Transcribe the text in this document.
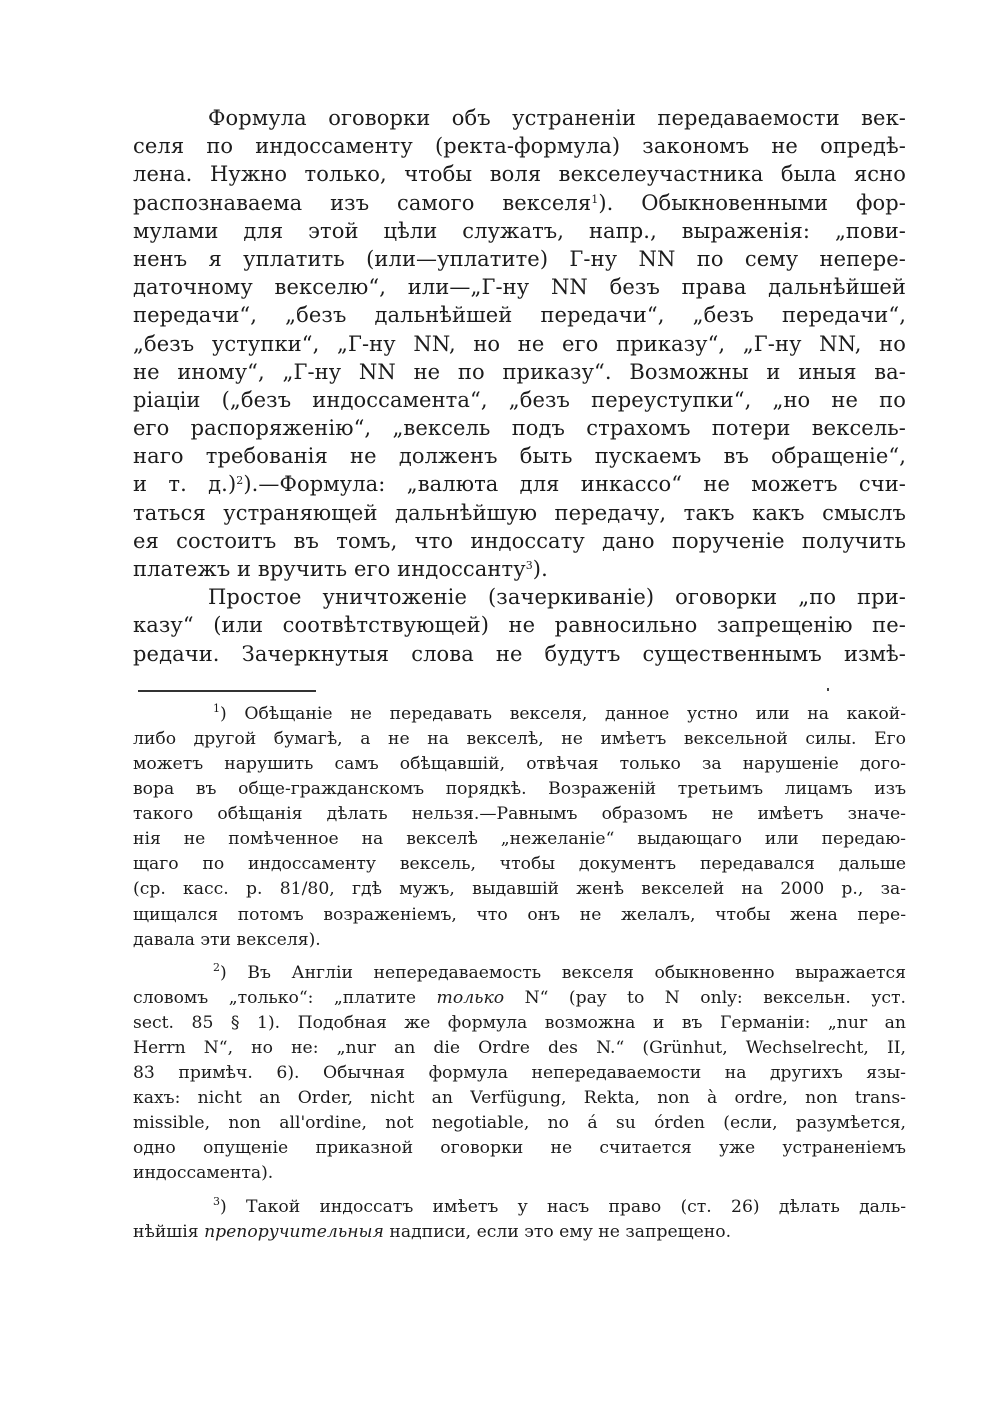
Формула оговорки объ устраненіи передаваемости век-
селя по индоссаменту (ректа-формула) закономъ не опредѣ-
лена. Нужно только, чтобы воля векселеучастника была ясно
распознаваема изъ самого векселя$^1$). Обыкновенными фор-
мулами для этой цѣли служатъ, напр., выраженія: „пови-
ненъ я уплатить (или—уплатите) Г-ну NN по сему непере-
даточному векселю“, или—„Г-ну NN безъ права дальнѣйшей
передачи“, „безъ дальнѣйшей передачи“, „безъ передачи“,
„безъ уступки“, „Г-ну NN, но не его приказу“, „Г-ну NN, но
не иному“, „Г-ну NN не по приказу“. Возможны и иныя ва-
ріаціи („безъ индоссамента“, „безъ переуступки“, „но не по
его распоряженію“, „вексель подъ страхомъ потери вексель-
наго требованія не долженъ быть пускаемъ въ обращеніе“,
и т. д.)$^2$).—Формула: „валюта для инкассо“ не можетъ счи-
таться устраняющей дальнѣйшую передачу, такъ какъ смыслъ
ея состоитъ въ томъ, что индоссату дано порученіе получить
платежъ и вручить его индоссанту$^3$).
Простое уничтоженіе (зачеркиваніе) оговорки „по при-
казу“ (или соотвѣтствующей) не равносильно запрещенію пе-
редачи. Зачеркнутыя слова не будутъ существеннымъ измѣ-
$^1$) Обѣщаніе не передавать векселя, данное устно или на какой-
либо другой бумагѣ, а не на векселѣ, не имѣетъ вексельной силы. Его
можетъ нарушить самъ обѣщавшій, отвѣчая только за нарушеніе дого-
вора въ обще-гражданскомъ порядкѣ. Возраженій третьимъ лицамъ изъ
такого обѣщанія дѣлать нельзя.—Равнымъ образомъ не имѣетъ значе-
нія не помѣченное на векселѣ „нежеланіе“ выдающаго или передаю-
щаго по индоссаменту вексель, чтобы документъ передавался дальше
(ср. касс. р. 81/80, гдѣ мужъ, выдавшій женѣ векселей на 2000 р., за-
щищался потомъ возраженіемъ, что онъ не желалъ, чтобы жена пере-
давала эти векселя).
$^2$) Въ Англіи непередаваемость векселя обыкновенно выражается
словомъ „только“: „платите только N“ (pay to N only: вексельн. уст.
sect. 85 § 1). Подобная же формула возможна и въ Германіи: „nur an
Herrn N“, но не: „nur an die Ordre des N.“ (Grünhut, Wechselrecht, II,
83 примѣч. 6). Обычная формула непередаваемости на другихъ язы-
кахъ: nicht an Order, nicht an Verfügung, Rekta, non à ordre, non trans-
missible, non all'ordine, not negotiable, no á su órden (если, разумѣется,
одно опущеніе приказной оговорки не считается уже устраненіемъ
индоссамента).
$^3$) Такой индоссатъ имѣетъ у насъ право (ст. 26) дѣлать даль-
нѣйшія препоручительныя надписи, если это ему не запрещено.
